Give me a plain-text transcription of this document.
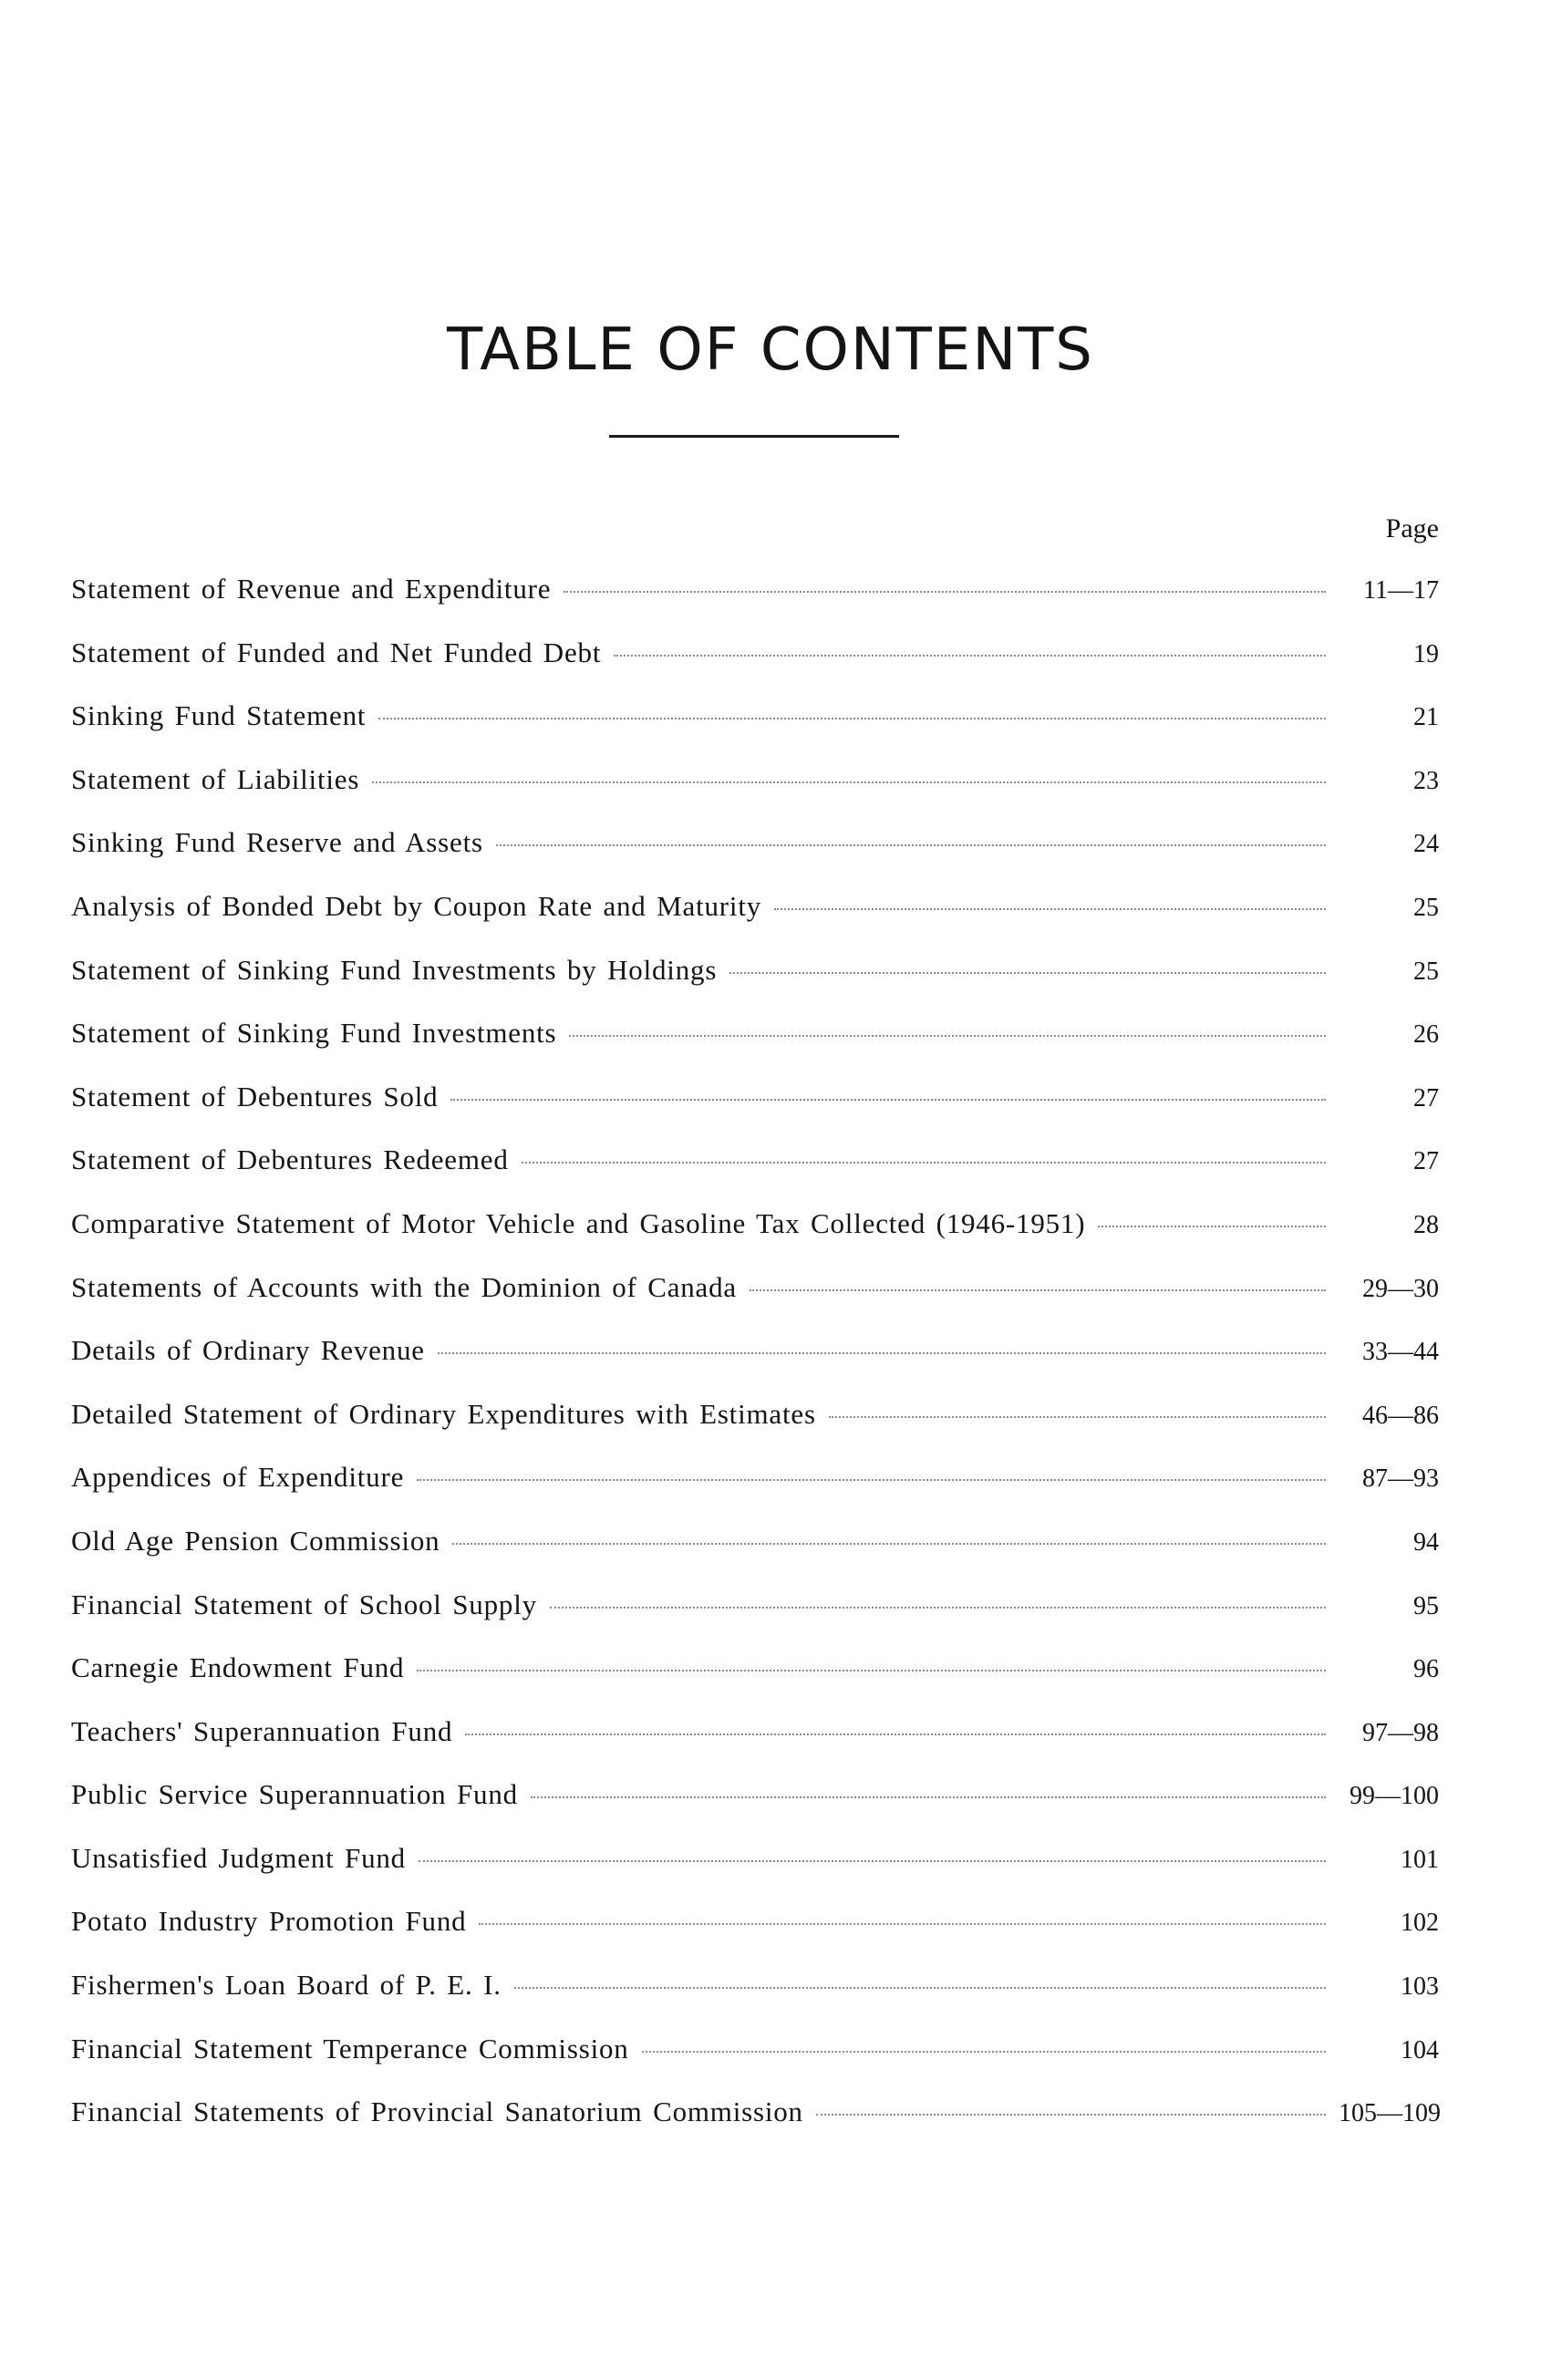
TABLE OF CONTENTS
Page
Statement of Revenue and Expenditure	11—17
Statement of Funded and Net Funded Debt	19
Sinking Fund Statement	21
Statement of Liabilities	23
Sinking Fund Reserve and Assets	24
Analysis of Bonded Debt by Coupon Rate and Maturity	25
Statement of Sinking Fund Investments by Holdings	25
Statement of Sinking Fund Investments	26
Statement of Debentures Sold	27
Statement of Debentures Redeemed	27
Comparative Statement of Motor Vehicle and Gasoline Tax Collected (1946-1951)	28
Statements of Accounts with the Dominion of Canada	29—30
Details of Ordinary Revenue	33—44
Detailed Statement of Ordinary Expenditures with Estimates	46—86
Appendices of Expenditure	87—93
Old Age Pension Commission	94
Financial Statement of School Supply	95
Carnegie Endowment Fund	96
Teachers' Superannuation Fund	97—98
Public Service Superannuation Fund	99—100
Unsatisfied Judgment Fund	101
Potato Industry Promotion Fund	102
Fishermen's Loan Board of P. E. I.	103
Financial Statement Temperance Commission	104
Financial Statements of Provincial Sanatorium Commission	105—109
